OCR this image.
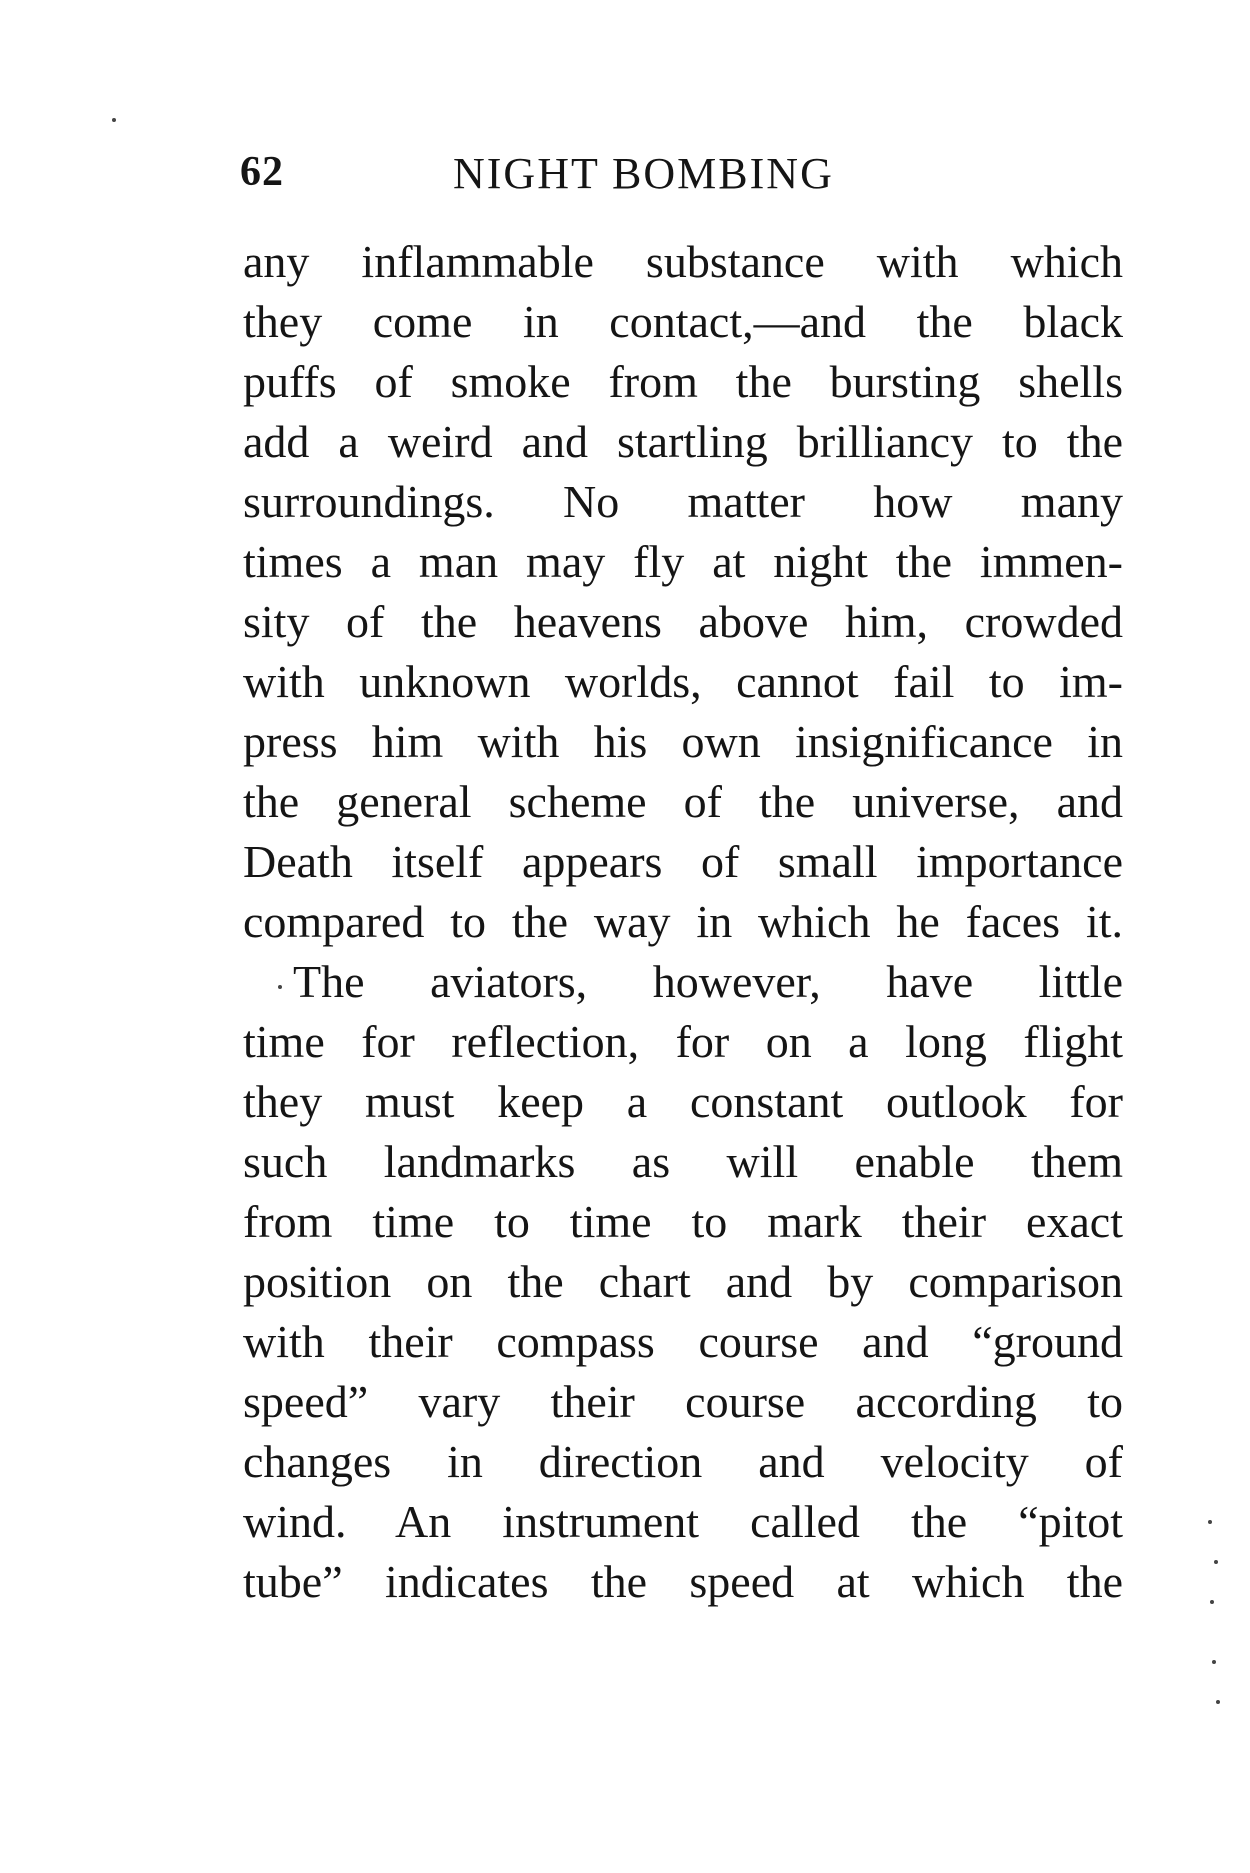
62	NIGHT BOMBING
any inflammable substance with which
they come in contact,—and the black
puffs of smoke from the bursting shells
add a weird and startling brilliancy to the
surroundings. No matter how many
times a man may fly at night the immen-
sity of the heavens above him, crowded
with unknown worlds, cannot fail to im-
press him with his own insignificance in
the general scheme of the universe, and
Death itself appears of small importance
compared to the way in which he faces it.
The aviators, however, have little
time for reflection, for on a long flight
they must keep a constant outlook for
such landmarks as will enable them
from time to time to mark their exact
position on the chart and by comparison
with their compass course and “ground
speed” vary their course according to
changes in direction and velocity of
wind. An instrument called the “pitot
tube” indicates the speed at which the
